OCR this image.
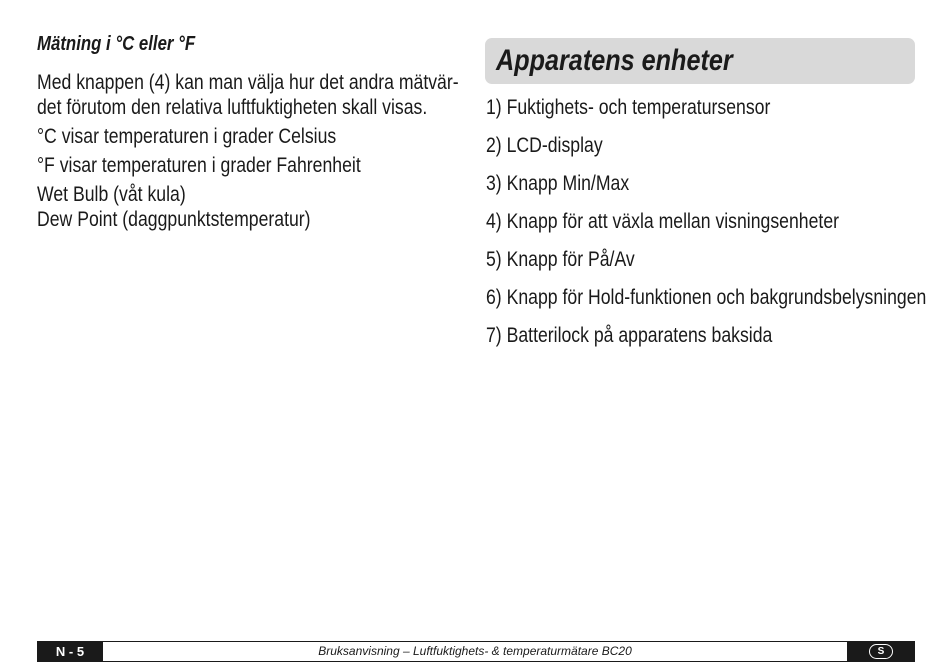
Mätning i °C eller °F
Med knappen (4) kan man välja hur det andra mätvär-
det förutom den relativa luftfuktigheten skall visas.
°C visar temperaturen i grader Celsius
°F visar temperaturen i grader Fahrenheit
Wet Bulb (våt kula)
Dew Point (daggpunktstemperatur)
Apparatens enheter
1) Fuktighets- och temperatursensor
2) LCD-display
3) Knapp Min/Max
4) Knapp för att växla mellan visningsenheter
5) Knapp för På/Av
6) Knapp för Hold-funktionen och bakgrundsbelysningen
7) Batterilock på apparatens baksida
N - 5	Bruksanvisning – Luftfuktighets- & temperaturmätare BC20	S
